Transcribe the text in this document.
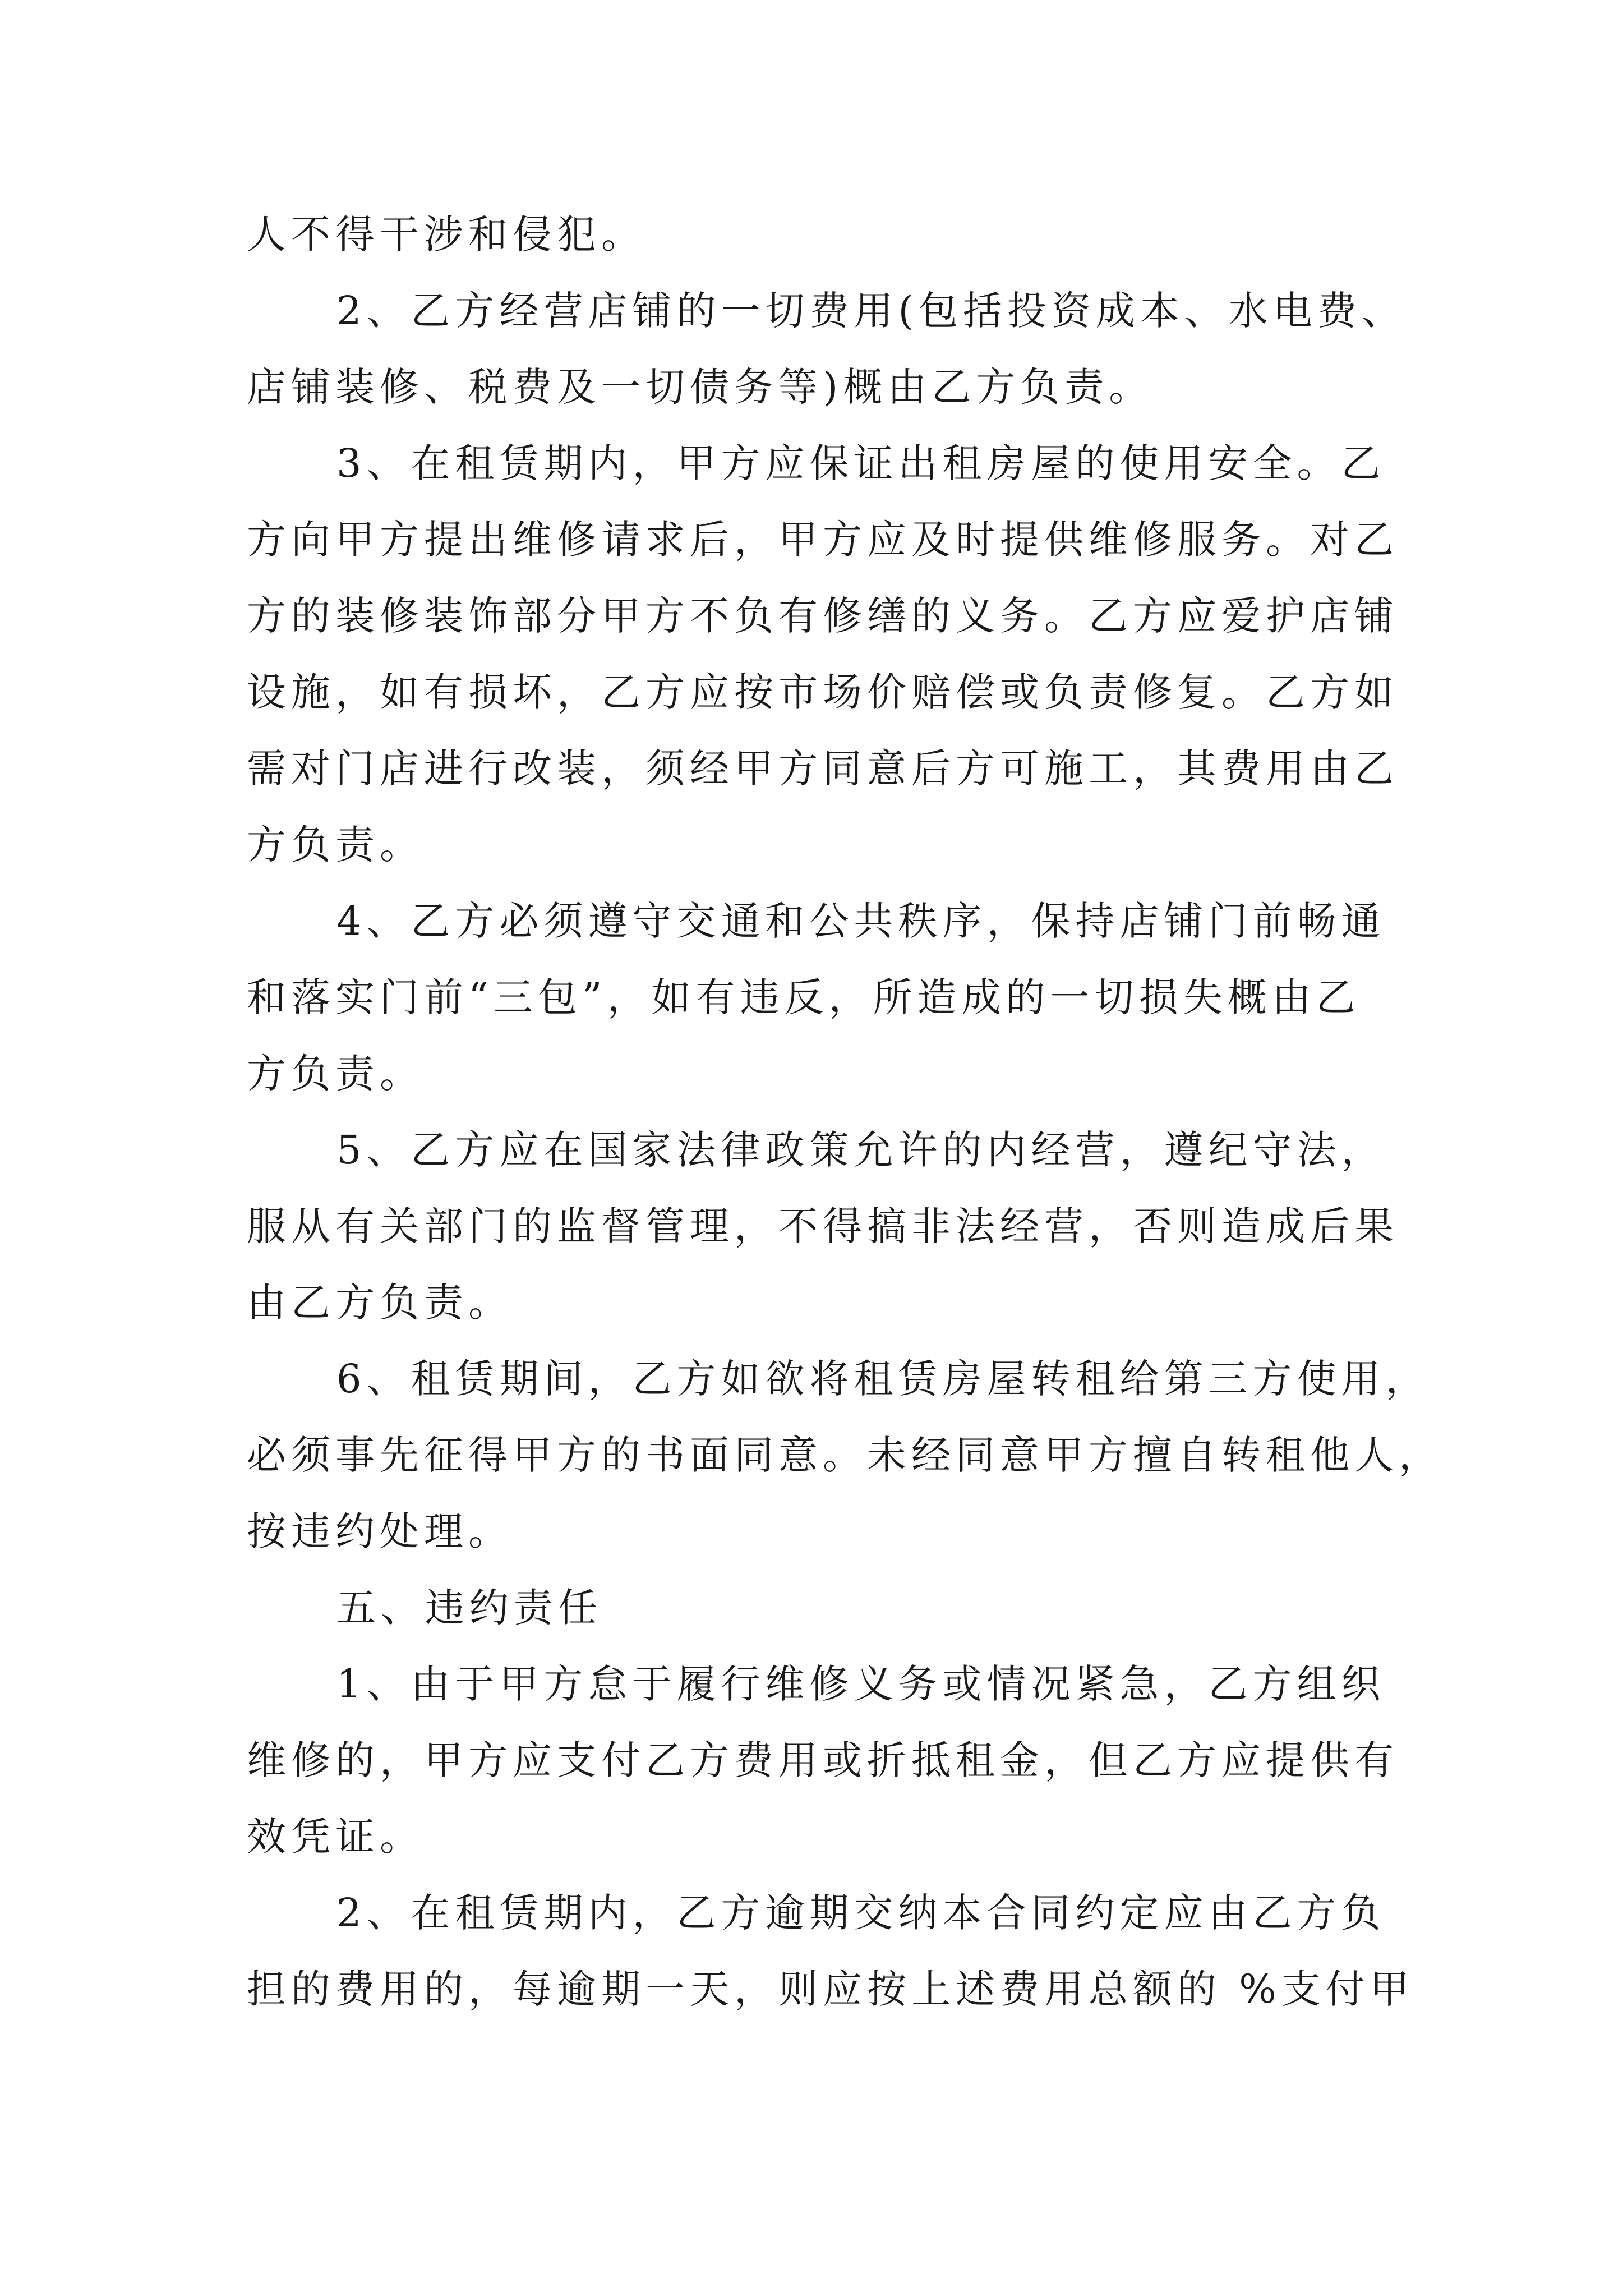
人不得干涉和侵犯。
2、乙方经营店铺的一切费用(包括投资成本、水电费、
店铺装修、税费及一切债务等)概由乙方负责。
3、在租赁期内，甲方应保证出租房屋的使用安全。乙
方向甲方提出维修请求后，甲方应及时提供维修服务。对乙
方的装修装饰部分甲方不负有修缮的义务。乙方应爱护店铺
设施，如有损坏，乙方应按市场价赔偿或负责修复。乙方如
需对门店进行改装，须经甲方同意后方可施工，其费用由乙
方负责。
4、乙方必须遵守交通和公共秩序，保持店铺门前畅通
和落实门前“三包”，如有违反，所造成的一切损失概由乙
方负责。
5、乙方应在国家法律政策允许的内经营，遵纪守法，
服从有关部门的监督管理，不得搞非法经营，否则造成后果
由乙方负责。
6、租赁期间，乙方如欲将租赁房屋转租给第三方使用，
必须事先征得甲方的书面同意。未经同意甲方擅自转租他人，
按违约处理。
五、违约责任
1、由于甲方怠于履行维修义务或情况紧急，乙方组织
维修的，甲方应支付乙方费用或折抵租金，但乙方应提供有
效凭证。
2、在租赁期内，乙方逾期交纳本合同约定应由乙方负
担的费用的，每逾期一天，则应按上述费用总额的 %支付甲
